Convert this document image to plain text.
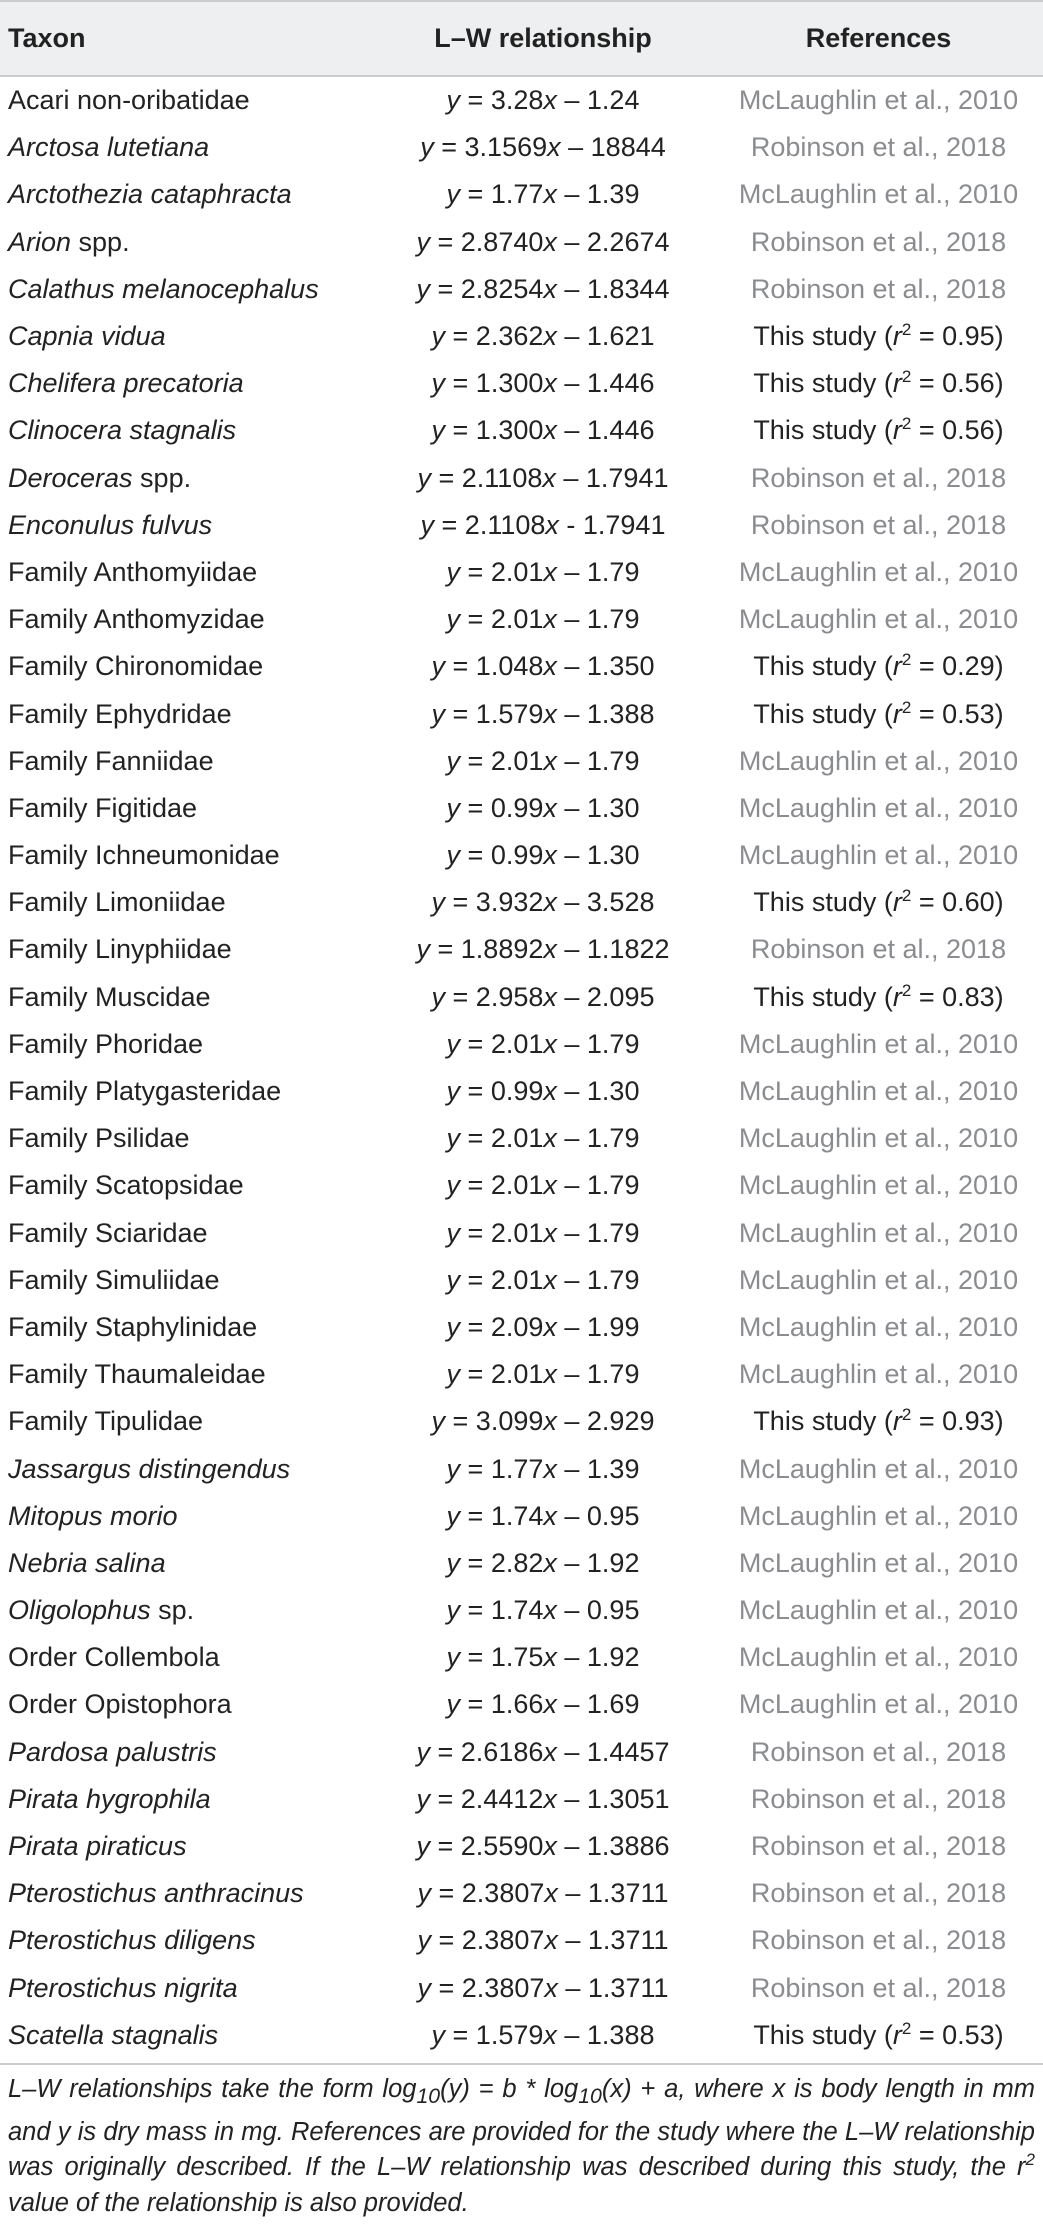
Taxon	L–W relationship	References
Acari non-oribatidae	y = 3.28x – 1.24	McLaughlin et al., 2010
Arctosa lutetiana	y = 3.1569x – 18844	Robinson et al., 2018
Arctothezia cataphracta	y = 1.77x – 1.39	McLaughlin et al., 2010
Arion spp.	y = 2.8740x – 2.2674	Robinson et al., 2018
Calathus melanocephalus	y = 2.8254x – 1.8344	Robinson et al., 2018
Capnia vidua	y = 2.362x – 1.621	This study $(r^2 = 0.95)$
Chelifera precatoria	y = 1.300x – 1.446	This study $(r^2 = 0.56)$
Clinocera stagnalis	y = 1.300x – 1.446	This study $(r^2 = 0.56)$
Deroceras spp.	y = 2.1108x – 1.7941	Robinson et al., 2018
Enconulus fulvus	y = 2.1108x - 1.7941	Robinson et al., 2018
Family Anthomyiidae	y = 2.01x – 1.79	McLaughlin et al., 2010
Family Anthomyzidae	y = 2.01x – 1.79	McLaughlin et al., 2010
Family Chironomidae	y = 1.048x – 1.350	This study $(r^2 = 0.29)$
Family Ephydridae	y = 1.579x – 1.388	This study $(r^2 = 0.53)$
Family Fanniidae	y = 2.01x – 1.79	McLaughlin et al., 2010
Family Figitidae	y = 0.99x – 1.30	McLaughlin et al., 2010
Family Ichneumonidae	y = 0.99x – 1.30	McLaughlin et al., 2010
Family Limoniidae	y = 3.932x – 3.528	This study $(r^2 = 0.60)$
Family Linyphiidae	y = 1.8892x – 1.1822	Robinson et al., 2018
Family Muscidae	y = 2.958x – 2.095	This study $(r^2 = 0.83)$
Family Phoridae	y = 2.01x – 1.79	McLaughlin et al., 2010
Family Platygasteridae	y = 0.99x – 1.30	McLaughlin et al., 2010
Family Psilidae	y = 2.01x – 1.79	McLaughlin et al., 2010
Family Scatopsidae	y = 2.01x – 1.79	McLaughlin et al., 2010
Family Sciaridae	y = 2.01x – 1.79	McLaughlin et al., 2010
Family Simuliidae	y = 2.01x – 1.79	McLaughlin et al., 2010
Family Staphylinidae	y = 2.09x – 1.99	McLaughlin et al., 2010
Family Thaumaleidae	y = 2.01x – 1.79	McLaughlin et al., 2010
Family Tipulidae	y = 3.099x – 2.929	This study $(r^2 = 0.93)$
Jassargus distingendus	y = 1.77x – 1.39	McLaughlin et al., 2010
Mitopus morio	y = 1.74x – 0.95	McLaughlin et al., 2010
Nebria salina	y = 2.82x – 1.92	McLaughlin et al., 2010
Oligolophus sp.	y = 1.74x – 0.95	McLaughlin et al., 2010
Order Collembola	y = 1.75x – 1.92	McLaughlin et al., 2010
Order Opistophora	y = 1.66x – 1.69	McLaughlin et al., 2010
Pardosa palustris	y = 2.6186x – 1.4457	Robinson et al., 2018
Pirata hygrophila	y = 2.4412x – 1.3051	Robinson et al., 2018
Pirata piraticus	y = 2.5590x – 1.3886	Robinson et al., 2018
Pterostichus anthracinus	y = 2.3807x – 1.3711	Robinson et al., 2018
Pterostichus diligens	y = 2.3807x – 1.3711	Robinson et al., 2018
Pterostichus nigrita	y = 2.3807x – 1.3711	Robinson et al., 2018
Scatella stagnalis	y = 1.579x – 1.388	This study $(r^2 = 0.53)$
L–W relationships take the form $\log_{10}(y) = b * \log_{10}(x) + a$, where x is body length in mm and y is dry mass in mg. References are provided for the study where the L–W relationship was originally described. If the L–W relationship was described during this study, the $r^2$ value of the relationship is also provided.
